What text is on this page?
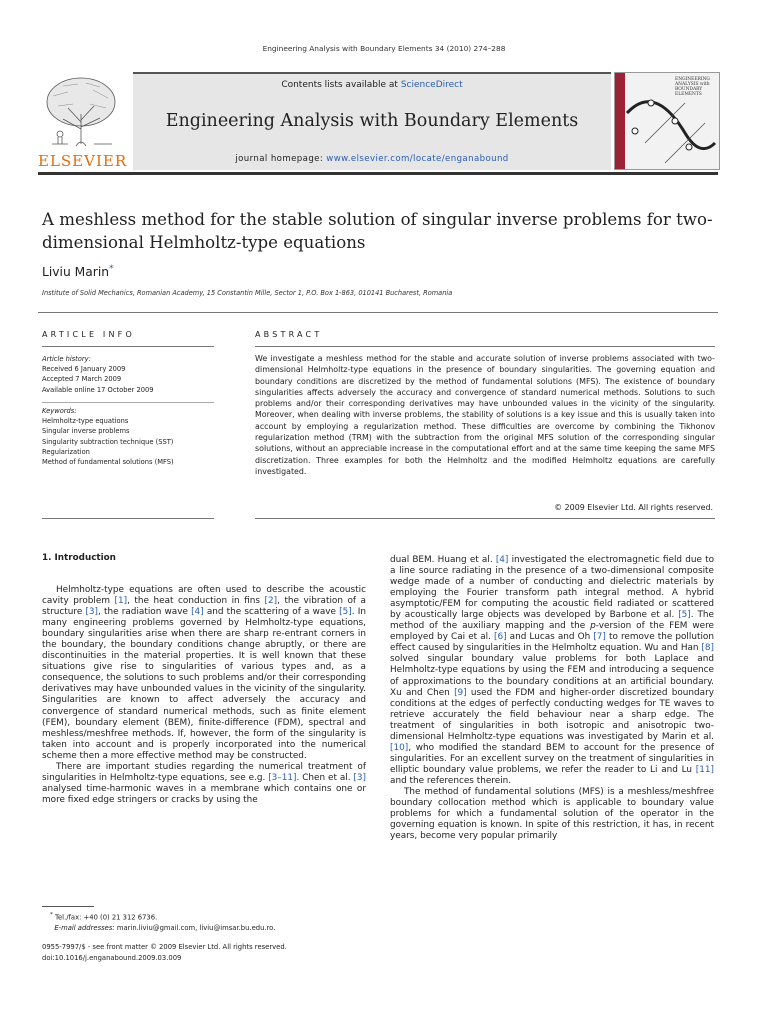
Engineering Analysis with Boundary Elements 34 (2010) 274–288
ELSEVIER
Contents lists available at ScienceDirect
Engineering Analysis with Boundary Elements
journal homepage: www.elsevier.com/locate/enganabound
ENGINEERING
ANALYSIS with
BOUNDARY
ELEMENTS
A meshless method for the stable solution of singular inverse problems for two-dimensional Helmholtz-type equations
Liviu Marin*
Institute of Solid Mechanics, Romanian Academy, 15 Constantin Mille, Sector 1, P.O. Box 1-863, 010141 Bucharest, Romania
ARTICLE INFO	ABSTRACT
Article history:
Received 6 January 2009
Accepted 7 March 2009
Available online 17 October 2009
Keywords:
Helmholtz-type equations
Singular inverse problems
Singularity subtraction technique (SST)
Regularization
Method of fundamental solutions (MFS)
We investigate a meshless method for the stable and accurate solution of inverse problems associated with two-dimensional Helmholtz-type equations in the presence of boundary singularities. The governing equation and boundary conditions are discretized by the method of fundamental solutions (MFS). The existence of boundary singularities affects adversely the accuracy and convergence of standard numerical methods. Solutions to such problems and/or their corresponding derivatives may have unbounded values in the vicinity of the singularity. Moreover, when dealing with inverse problems, the stability of solutions is a key issue and this is usually taken into account by employing a regularization method. These difficulties are overcome by combining the Tikhonov regularization method (TRM) with the subtraction from the original MFS solution of the corresponding singular solutions, without an appreciable increase in the computational effort and at the same time keeping the same MFS discretization. Three examples for both the Helmholtz and the modified Helmholtz equations are carefully investigated.
© 2009 Elsevier Ltd. All rights reserved.
1. Introduction

Helmholtz-type equations are often used to describe the acoustic cavity problem [1], the heat conduction in fins [2], the vibration of a structure [3], the radiation wave [4] and the scattering of a wave [5]. In many engineering problems governed by Helmholtz-type equations, boundary singularities arise when there are sharp re-entrant corners in the boundary, the boundary conditions change abruptly, or there are discontinuities in the material properties. It is well known that these situations give rise to singularities of various types and, as a consequence, the solutions to such problems and/or their corresponding derivatives may have unbounded values in the vicinity of the singularity. Singularities are known to affect adversely the accuracy and convergence of standard numerical methods, such as finite element (FEM), boundary element (BEM), finite-difference (FDM), spectral and meshless/meshfree methods. If, however, the form of the singularity is taken into account and is properly incorporated into the numerical scheme then a more effective method may be constructed.

There are important studies regarding the numerical treatment of singularities in Helmholtz-type equations, see e.g. [3–11]. Chen et al. [3] analysed time-harmonic waves in a membrane which contains one or more fixed edge stringers or cracks by using the

dual BEM. Huang et al. [4] investigated the electromagnetic field due to a line source radiating in the presence of a two-dimensional composite wedge made of a number of conducting and dielectric materials by employing the Fourier transform path integral method. A hybrid asymptotic/FEM for computing the acoustic field radiated or scattered by acoustically large objects was developed by Barbone et al. [5]. The method of the auxiliary mapping and the p-version of the FEM were employed by Cai et al. [6] and Lucas and Oh [7] to remove the pollution effect caused by singularities in the Helmholtz equation. Wu and Han [8] solved singular boundary value problems for both Laplace and Helmholtz-type equations by using the FEM and introducing a sequence of approximations to the boundary conditions at an artificial boundary. Xu and Chen [9] used the FDM and higher-order discretized boundary conditions at the edges of perfectly conducting wedges for TE waves to retrieve accurately the field behaviour near a sharp edge. The treatment of singularities in both isotropic and anisotropic two-dimensional Helmholtz-type equations was investigated by Marin et al. [10], who modified the standard BEM to account for the presence of singularities. For an excellent survey on the treatment of singularities in elliptic boundary value problems, we refer the reader to Li and Lu [11] and the references therein.

The method of fundamental solutions (MFS) is a meshless/meshfree boundary collocation method which is applicable to boundary value problems for which a fundamental solution of the operator in the governing equation is known. In spite of this restriction, it has, in recent years, become very popular primarily

* Tel./fax: +40 (0) 21 312 6736.
E-mail addresses: marin.liviu@gmail.com, liviu@imsar.bu.edu.ro.
0955-7997/$ - see front matter © 2009 Elsevier Ltd. All rights reserved.
doi:10.1016/j.enganabound.2009.03.009
